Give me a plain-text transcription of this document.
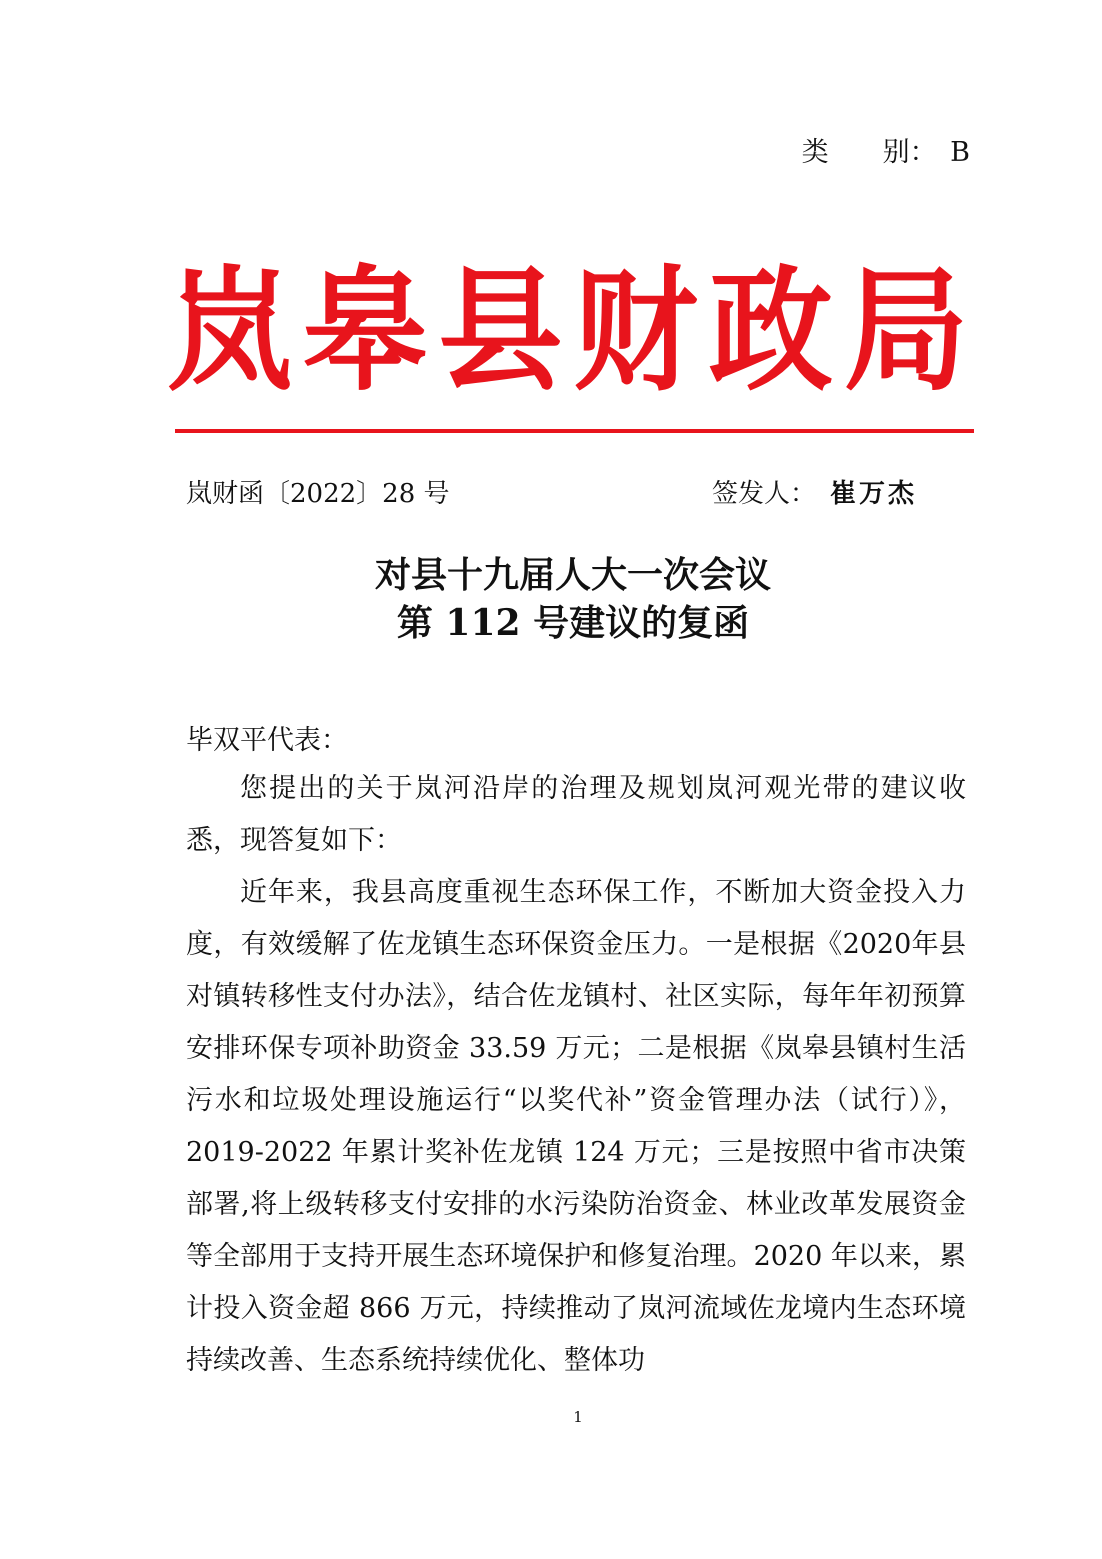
类　　别：　B
岚 皋 县 财 政 局
岚财函〔2022〕28 号	签发人： 崔万杰
对县十九届人大一次会议
第 112 号建议的复函
毕双平代表：

您提出的关于岚河沿岸的治理及规划岚河观光带的建议收悉，现答复如下：

近年来，我县高度重视生态环保工作，不断加大资金投入力度，有效缓解了佐龙镇生态环保资金压力。一是根据《2020年县对镇转移性支付办法》，结合佐龙镇村、社区实际，每年年初预算安排环保专项补助资金 33.59 万元；二是根据《岚皋县镇村生活污水和垃圾处理设施运行“以奖代补”资金管理办法（试行）》，2019-2022 年累计奖补佐龙镇 124 万元；三是按照中省市决策部署,将上级转移支付安排的水污染防治资金、林业改革发展资金等全部用于支持开展生态环境保护和修复治理。2020 年以来，累计投入资金超 866 万元，持续推动了岚河流域佐龙境内生态环境持续改善、生态系统持续优化、整体功

1
